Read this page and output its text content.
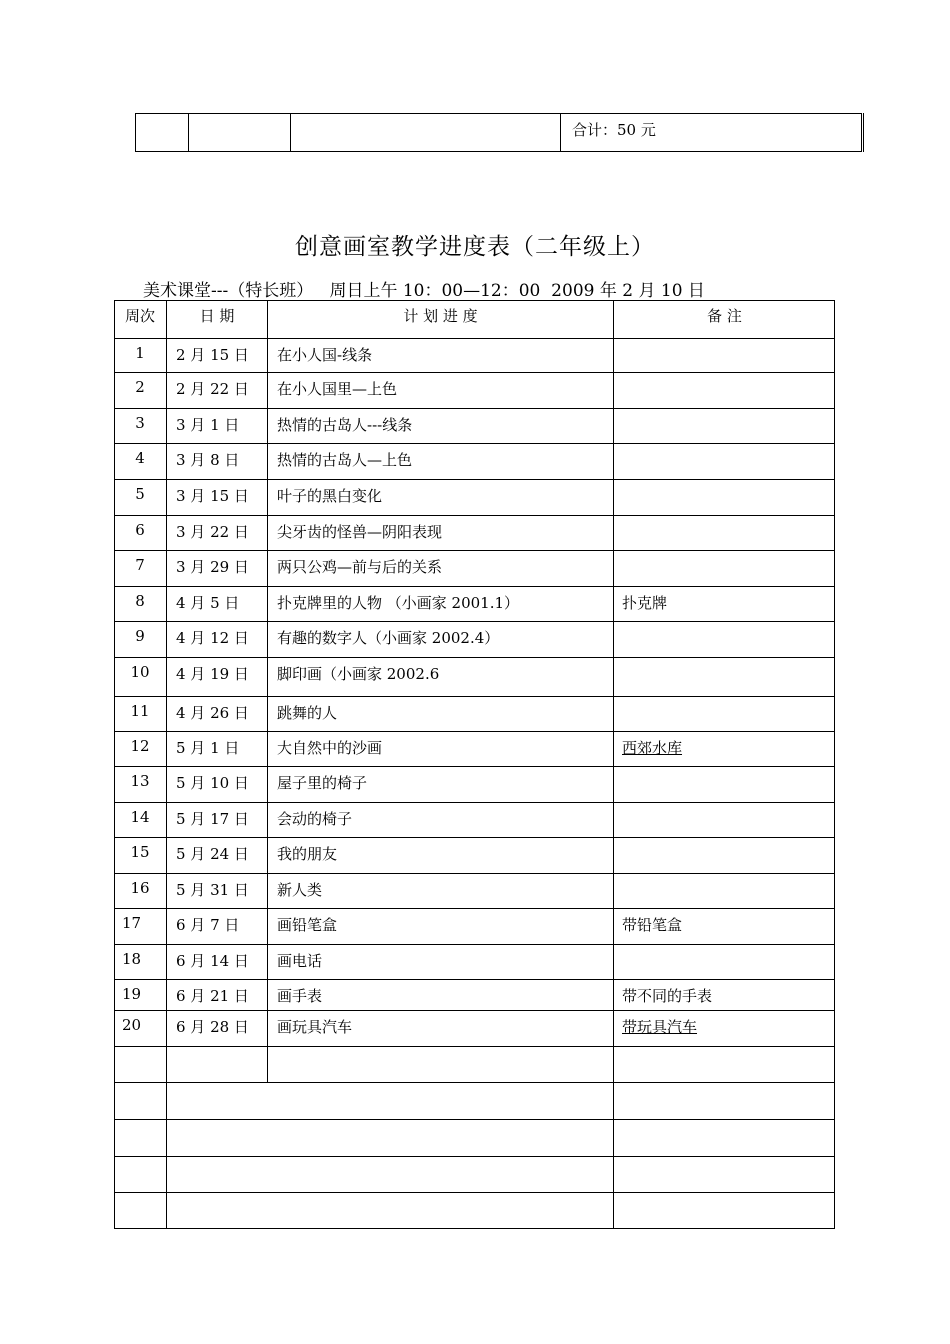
合计：50 元
创意画室教学进度表（二年级上）
美术课堂---（特长班）   周日上午 10：00—12：00  2009 年 2 月 10 日
周次	日 期	计 划 进 度	备 注
1	2 月 15 日 在小人国-线条
2	2 月 22 日 在小人国里—上色
3	3 月 1 日	热情的古岛人---线条
4	3 月 8 日	热情的古岛人—上色
5	3 月 15 日 叶子的黑白变化
6	3 月 22 日 尖牙齿的怪兽—阴阳表现
7	3 月 29 日 两只公鸡—前与后的关系
8	4 月 5 日	扑克牌里的人物 （小画家 2001.1）	扑克牌
9	4 月 12 日 有趣的数字人（小画家 2002.4）
10	4 月 19 日 脚印画（小画家 2002.6
11	4 月 26 日 跳舞的人
12	5 月 1 日	大自然中的沙画	西郊水库
13	5 月 10 日 屋子里的椅子
14	5 月 17 日 会动的椅子
15	5 月 24 日 我的朋友
16	5 月 31 日 新人类
17 6 月 7 日	画铅笔盒	带铅笔盒
18 6 月 14 日 画电话
19 6 月 21 日 画手表	带不同的手表
20 6 月 28 日 画玩具汽车	带玩具汽车
